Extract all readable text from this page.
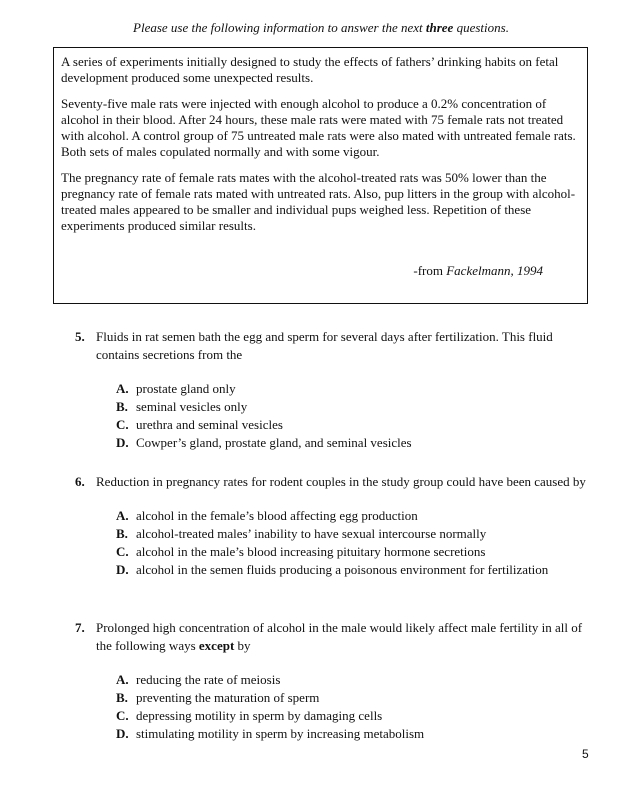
Please use the following information to answer the next three questions.

A series of experiments initially designed to study the effects of fathers’ drinking habits on fetal development produced some unexpected results.

Seventy-five male rats were injected with enough alcohol to produce a 0.2% concentration of alcohol in their blood. After 24 hours, these male rats were mated with 75 female rats not treated with alcohol. A control group of 75 untreated male rats were also mated with untreated female rats. Both sets of males copulated normally and with some vigour.

The pregnancy rate of female rats mates with the alcohol-treated rats was 50% lower than the pregnancy rate of female rats mated with untreated rats. Also, pup litters in the group with alcohol-treated males appeared to be smaller and individual pups weighed less. Repetition of these experiments produced similar results.

-from Fackelmann, 1994
5. Fluids in rat semen bath the egg and sperm for several days after fertilization. This fluid contains secretions from the
A. prostate gland only
B. seminal vesicles only
C. urethra and seminal vesicles
D. Cowper’s gland, prostate gland, and seminal vesicles
6. Reduction in pregnancy rates for rodent couples in the study group could have been caused by
A. alcohol in the female’s blood affecting egg production
B. alcohol-treated males’ inability to have sexual intercourse normally
C. alcohol in the male’s blood increasing pituitary hormone secretions
D. alcohol in the semen fluids producing a poisonous environment for fertilization
7. Prolonged high concentration of alcohol in the male would likely affect male fertility in all of the following ways except by
A. reducing the rate of meiosis
B. preventing the maturation of sperm
C. depressing motility in sperm by damaging cells
D. stimulating motility in sperm by increasing metabolism
5
